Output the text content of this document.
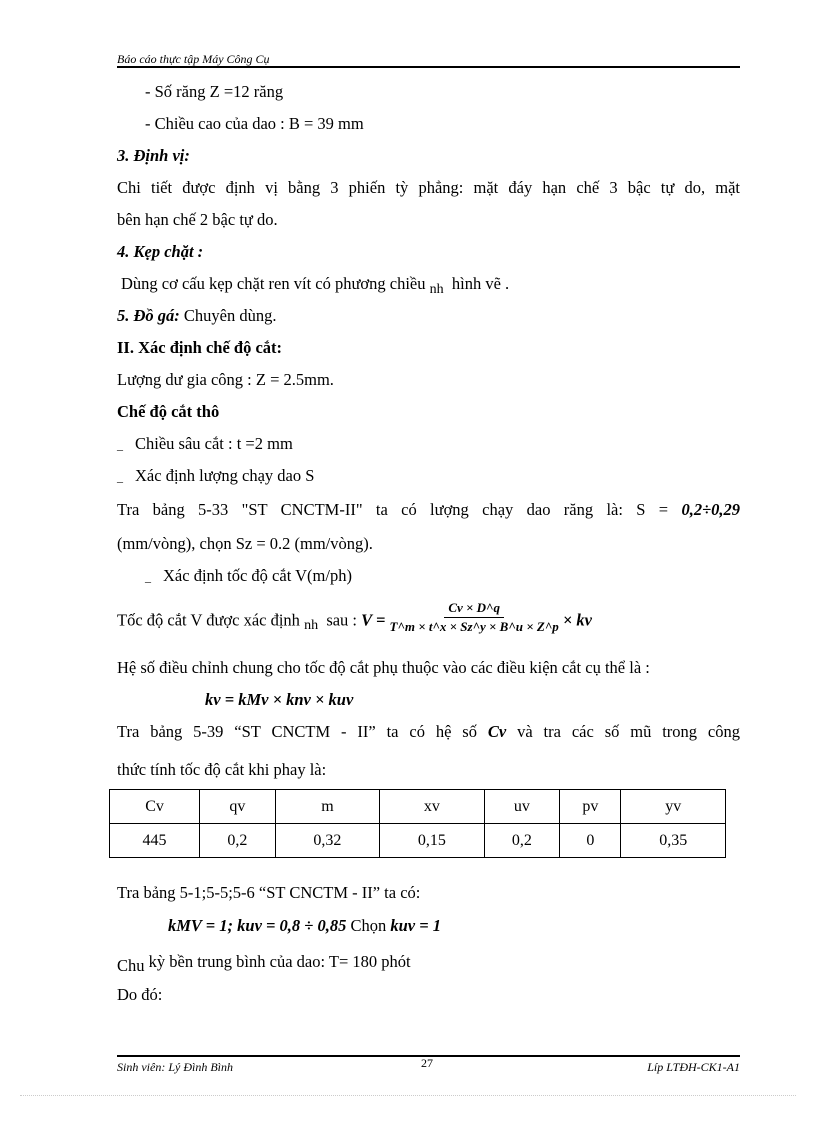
Báo cáo thực tập Máy Công Cụ
- Số răng Z =12 răng
- Chiều cao của dao : B = 39 mm
3. Định vị:
Chi tiết được định vị bằng 3 phiến tỳ phẳng: mặt đáy hạn chế 3 bậc tự do, mặt
bên hạn chế 2 bậc tự do.
4. Kẹp chặt :
Dùng cơ cấu kẹp chặt ren vít có phương chiều $_{nh}$ hình vẽ .
5. Đồ gá: Chuyên dùng.
II. Xác định chế độ cắt:
Lượng dư gia công : Z = 2.5mm.
Chế độ cắt thô
_ Chiều sâu cắt : t =2 mm
_ Xác định lượng chạy dao S
Tra bảng 5-33 "ST CNCTM-II" ta có lượng chạy dao răng là: S = 0,2÷0,29
(mm/vòng), chọn Sz = 0.2 (mm/vòng).
_ Xác định tốc độ cắt V(m/ph)
Tốc độ cắt V được xác định $_{nh}$ sau : $V = \frac{Cv \times D\^{}q}{T\^{}m \times t\^{}x \times Sz\^{}y \times B\^{}u \times Z\^{}p}$ × kv
Hệ số điều chỉnh chung cho tốc độ cắt phụ thuộc vào các điều kiện cắt cụ thể là :
kv = kMv × knv × kuv
Tra bảng 5-39 “ST CNCTM - II” ta có hệ số Cv và tra các số mũ trong công
thức tính tốc độ cắt khi phay là:
Cv	qv	m	xv	uv	pv	yv
445	0,2	0,32	0,15	0,2	0	0,35
Tra bảng 5-1;5-5;5-6 “ST CNCTM - II” ta có:
kMV = 1; kuv = 0,8 ÷ 0,85 Chọn kuv = 1
Chu kỳ bền trung bình của dao: T= 180 phót
Do đó:
Sinh viên: Lý Đình Bình	27	Líp LTĐH-CK1-A1
